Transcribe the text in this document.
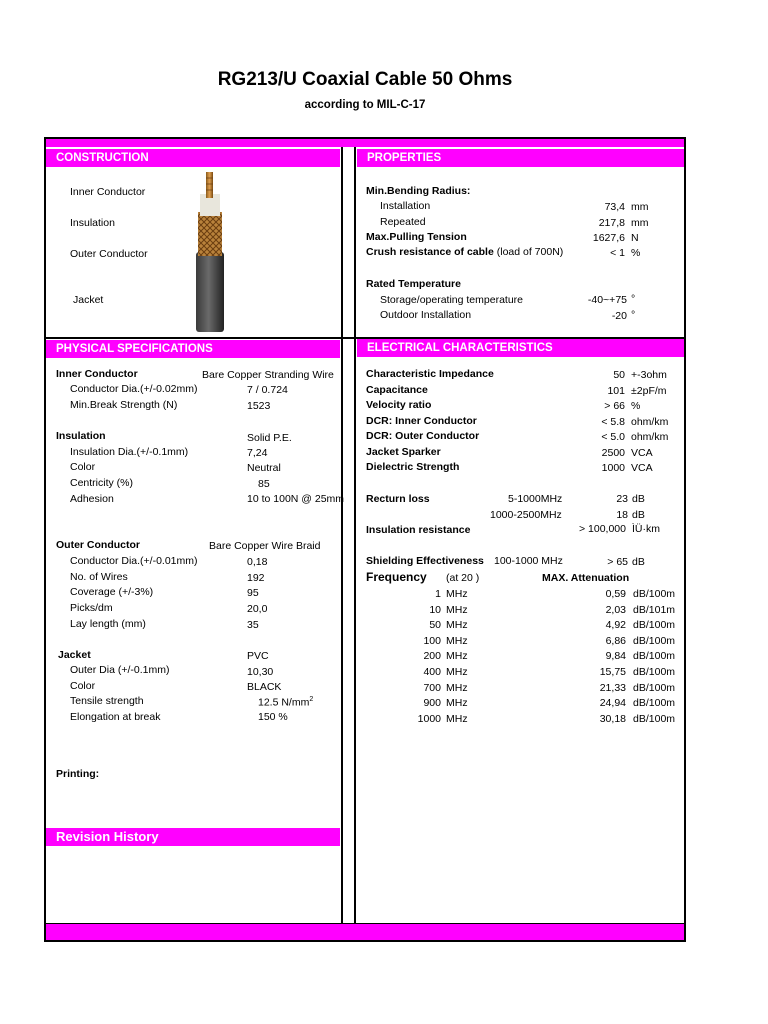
RG213/U Coaxial Cable 50 Ohms
according to MIL-C-17
CONSTRUCTION	PROPERTIES
PHYSICAL SPECIFICATIONS	ELECTRICAL CHARACTERISTICS
Revision History
Inner Conductor
Insulation
Outer Conductor
Jacket
Min.Bending Radius:
Installation	73,4 mm
Repeated	217,8 mm
Max.Pulling Tension	1627,6 N
Crush resistance of cable (load of 700N)	< 1 %
Rated Temperature
Storage/operating temperature	-40~+75 °
Outdoor Installation	-20 °
Inner Conductor	Bare Copper Stranding Wire
Conductor Dia.(+/-0.02mm)	7 / 0.724
Min.Break Strength (N)	1523
Insulation	Solid P.E.
Insulation Dia.(+/-0.1mm)	7,24
Color	Neutral
Centricity (%)	85
Adhesion	10 to 100N @ 25mm
Outer Conductor	Bare Copper Wire Braid
Conductor Dia.(+/-0.01mm)	0,18
No. of Wires	192
Coverage (+/-3%)	95
Picks/dm	20,0
Lay length (mm)	35
Jacket	PVC
Outer Dia (+/-0.1mm)	10,30
Color	BLACK
Tensile strength	12.5 $N/mm^2$
Elongation at break	150 %
Printing:
Characteristic Impedance	50 +-3ohm
Capacitance	101 ±2pF/m
Velocity ratio	> 66 %
DCR: Inner Conductor	< 5.8 ohm/km
DCR: Outer Conductor	< 5.0 ohm/km
Jacket Sparker	2500 VCA
Dielectric Strength	1000 VCA
Recturn loss	5-1000MHz	23 dB
1000-2500MHz	18 dB
Insulation resistance	> 100,000 ÌÜ·km
Shielding Effectiveness 100-1000 MHz	> 65 dB
Frequency (at 20 )	MAX. Attenuation
1 MHz	0,59 dB/100m
10 MHz	2,03 dB/101m
50 MHz	4,92 dB/100m
100 MHz	6,86 dB/100m
200 MHz	9,84 dB/100m
400 MHz	15,75 dB/100m
700 MHz	21,33 dB/100m
900 MHz	24,94 dB/100m
1000 MHz	30,18 dB/100m
